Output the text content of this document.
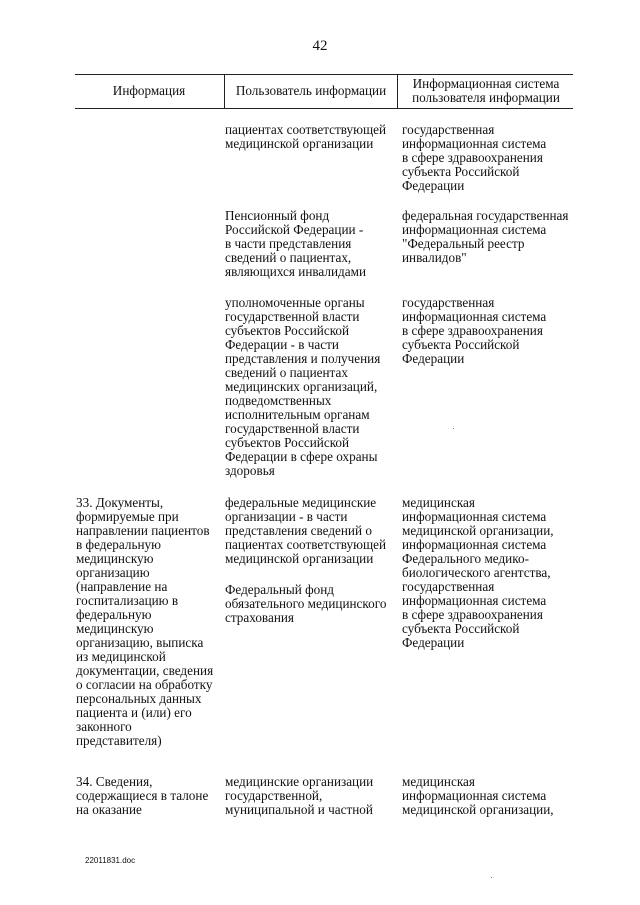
42
Информация	Пользователь информации	Информационная система
пользователя информации
пациентах соответствующей
медицинской организации
государственная
информационная система
в сфере здравоохранения
субъекта Российской
Федерации
Пенсионный фонд
Российской Федерации -
в части представления
сведений о пациентах,
являющихся инвалидами
федеральная государственная
информационная система
"Федеральный реестр
инвалидов"
уполномоченные органы
государственной власти
субъектов Российской
Федерации - в части
представления и получения
сведений о пациентах
медицинских организаций,
подведомственных
исполнительным органам
государственной власти
субъектов Российской
Федерации в сфере охраны
здоровья
государственная
информационная система
в сфере здравоохранения
субъекта Российской
Федерации
33. Документы,
формируемые при
направлении пациентов
в федеральную
медицинскую
организацию
(направление на
госпитализацию в
федеральную
медицинскую
организацию, выписка
из медицинской
документации, сведения
о согласии на обработку
персональных данных
пациента и (или) его
законного
представителя)
федеральные медицинские
организации - в части
представления сведений о
пациентах соответствующей
медицинской организации
Федеральный фонд
обязательного медицинского
страхования
медицинская
информационная система
медицинской организации,
информационная система
Федерального медико-
биологического агентства,
государственная
информационная система
в сфере здравоохранения
субъекта Российской
Федерации
34. Сведения,
содержащиеся в талоне
на оказание
медицинские организации
государственной,
муниципальной и частной
медицинская
информационная система
медицинской организации,
22011831.doc
